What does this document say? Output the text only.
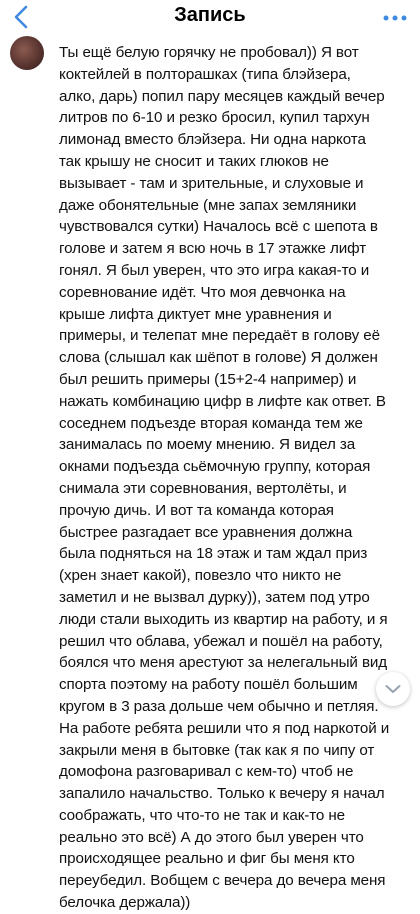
Запись

Ты ещё белую горячку не пробовал)) Я вот коктейлей в полторашках (типа блэйзера, алко, дарь) попил пару месяцев каждый вечер литров по 6-10 и резко бросил, купил тархун лимонад вместо блэйзера. Ни одна наркота так крышу не сносит и таких глюков не вызывает - там и зрительные, и слуховые и даже обонятельные (мне запах земляники чувствовался сутки) Началось всё с шепота в голове и затем я всю ночь в 17 этажке лифт гонял. Я был уверен, что это игра какая-то и соревнование идёт. Что моя девчонка на крыше лифта диктует мне уравнения и примеры, и телепат мне передаёт в голову её слова (слышал как шёпот в голове) Я должен был решить примеры (15+2-4 например) и нажать комбинацию цифр в лифте как ответ. В соседнем подъезде вторая команда тем же занималась по моему мнению. Я видел за окнами подъезда сьёмочную группу, которая снимала эти соревнования, вертолёты, и прочую дичь. И вот та команда которая быстрее разгадает все уравнения должна была подняться на 18 этаж и там ждал приз (хрен знает какой), повезло что никто не заметил и не вызвал дурку)), затем под утро люди стали выходить из квартир на работу, и я решил что облава, убежал и пошёл на работу, боялся что меня арестуют за нелегальный вид спорта поэтому на работу пошёл большим кругом в 3 раза дольше чем обычно и петляя. На работе ребята решили что я под наркотой и закрыли меня в бытовке (так как я по чипу от домофона разговаривал с кем-то) чтоб не запалило начальство. Только к вечеру я начал соображать, что что-то не так и как-то не реально это всё) А до этого был уверен что происходящее реально и фиг бы меня кто переубедил. Вобщем с вечера до вечера меня белочка держала))
